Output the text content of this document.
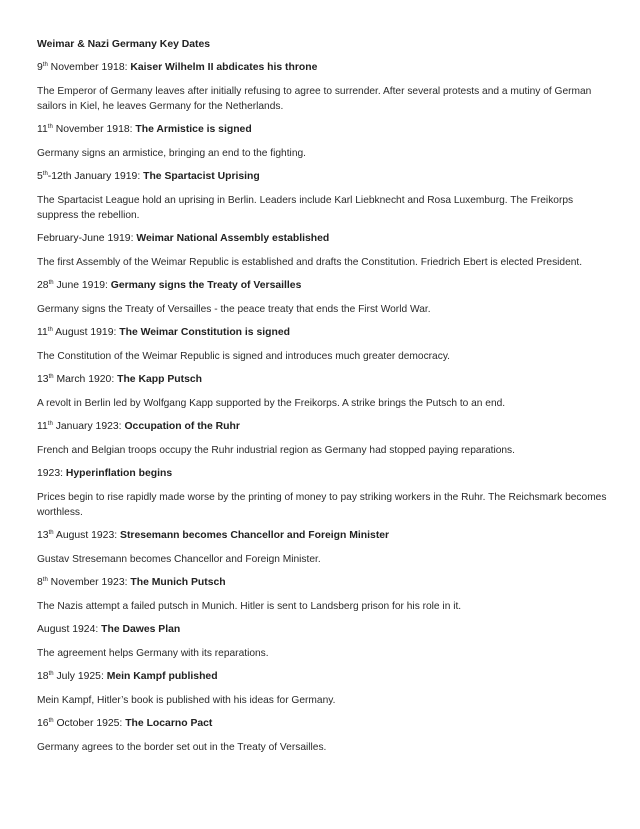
Weimar & Nazi Germany Key Dates

9th November 1918: Kaiser Wilhelm II abdicates his throne

The Emperor of Germany leaves after initially refusing to agree to surrender. After several protests and a mutiny of German sailors in Kiel, he leaves Germany for the Netherlands.

11th November 1918: The Armistice is signed

Germany signs an armistice, bringing an end to the fighting.

5th-12th January 1919: The Spartacist Uprising

The Spartacist League hold an uprising in Berlin. Leaders include Karl Liebknecht and Rosa Luxemburg. The Freikorps suppress the rebellion.

February-June 1919: Weimar National Assembly established

The first Assembly of the Weimar Republic is established and drafts the Constitution. Friedrich Ebert is elected President.

28th June 1919: Germany signs the Treaty of Versailles

Germany signs the Treaty of Versailles - the peace treaty that ends the First World War.

11th August 1919: The Weimar Constitution is signed

The Constitution of the Weimar Republic is signed and introduces much greater democracy.

13th March 1920: The Kapp Putsch

A revolt in Berlin led by Wolfgang Kapp supported by the Freikorps. A strike brings the Putsch to an end.

11th January 1923: Occupation of the Ruhr

French and Belgian troops occupy the Ruhr industrial region as Germany had stopped paying reparations.

1923: Hyperinflation begins

Prices begin to rise rapidly made worse by the printing of money to pay striking workers in the Ruhr. The Reichsmark becomes worthless.

13th August 1923: Stresemann becomes Chancellor and Foreign Minister

Gustav Stresemann becomes Chancellor and Foreign Minister.

8th November 1923: The Munich Putsch

The Nazis attempt a failed putsch in Munich. Hitler is sent to Landsberg prison for his role in it.

August 1924: The Dawes Plan

The agreement helps Germany with its reparations.

18th July 1925: Mein Kampf published

Mein Kampf, Hitler’s book is published with his ideas for Germany.

16th October 1925: The Locarno Pact

Germany agrees to the border set out in the Treaty of Versailles.
